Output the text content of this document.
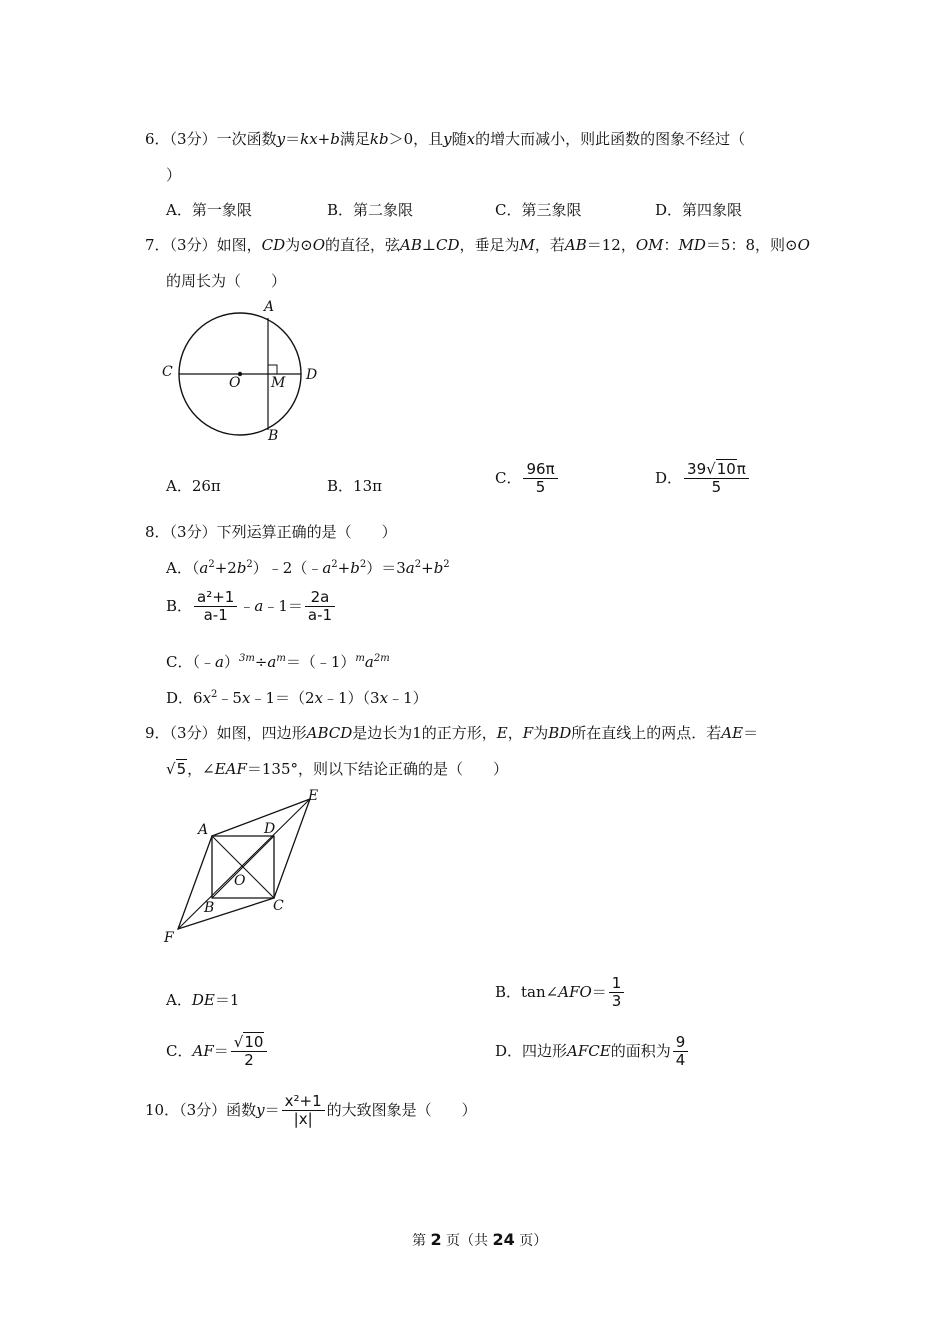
6．（3分）一次函数y＝kx+b满足kb＞0，且y随x的增大而减小，则此函数的图象不经过（
）
A．第一象限	B．第二象限	C．第三象限	D．第四象限
7．（3分）如图，CD为⊙O的直径，弦AB⊥CD，垂足为M，若AB＝12，OM：MD＝5：8，则⊙O
的周长为（　　）
A
B
C	D
O M
A．26π	B．13π	C． $\frac{96\pi}{5}$	D． $\frac{39√10\pi}{5}$
8．（3分）下列运算正确的是（　　）
A．$(a^2+2b^2)﹣2(﹣a^2+b^2)=3a^2+b^2$
B． $\frac{\text{a²+1}}{a-1}$ ﹣a﹣1＝ $\frac{2a}{a-1}$
C．$(﹣a)^{3m}\div a^m=(﹣1)^ma^{2m}$
D．$6x^2﹣5x﹣1=(2x﹣1)(3x﹣1)$
9．（3分）如图，四边形ABCD是边长为1的正方形，E，F为BD所在直线上的两点．若AE＝
√5，∠EAF＝135°，则以下结论正确的是（　　）
A	D
B	C
E
F
O
A．DE＝1	B．tan∠AFO＝ $\frac{1}{3}$
C．$AF= \frac{√10}{2}$	D．四边形AFCE的面积为 $\frac{9}{4}$
10．（3分）函数$y= \frac{\text{x²+1}}{|x|}$ 的大致图象是（　　）
第 2 页（共 24 页）
